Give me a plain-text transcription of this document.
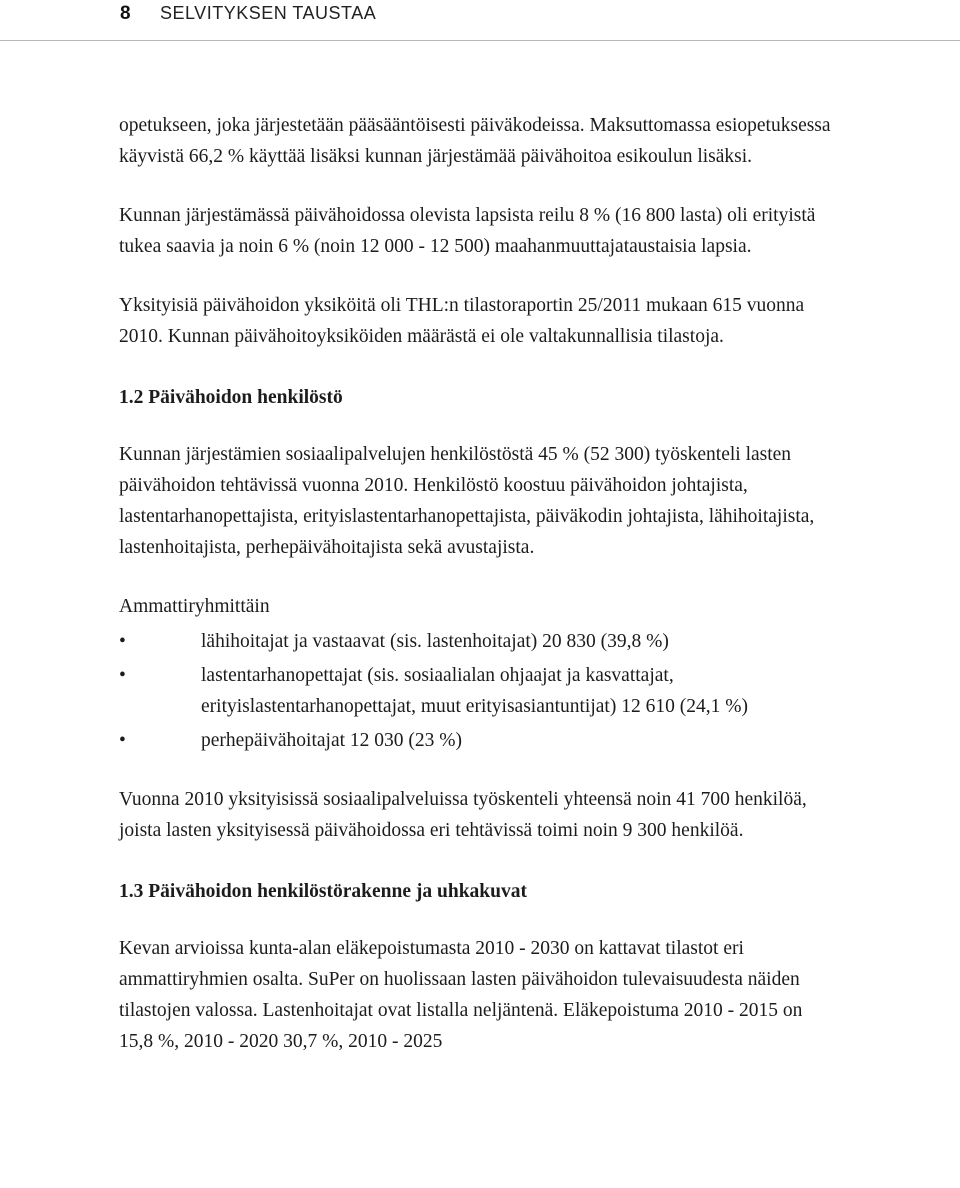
8 SELVITYKSEN TAUSTAA

opetukseen, joka järjestetään pääsääntöisesti päiväkodeissa. Maksuttomassa esiopetuksessa käyvistä 66,2 % käyttää lisäksi kunnan järjestämää päivähoitoa esikoulun lisäksi.

Kunnan järjestämässä päivähoidossa olevista lapsista reilu 8 % (16 800 lasta) oli erityistä tukea saavia ja noin 6 % (noin 12 000 - 12 500) maahanmuuttajataustaisia lapsia.

Yksityisiä päivähoidon yksiköitä oli THL:n tilastoraportin 25/2011 mukaan 615 vuonna 2010. Kunnan päivähoitoyksiköiden määrästä ei ole valtakunnallisia tilastoja.

1.2 Päivähoidon henkilöstö

Kunnan järjestämien sosiaalipalvelujen henkilöstöstä 45 % (52 300) työskenteli lasten päivähoidon tehtävissä vuonna 2010. Henkilöstö koostuu päivähoidon johtajista, lastentarhanopettajista, erityislastentarhanopettajista, päiväkodin johtajista, lähihoitajista, lastenhoitajista, perhepäivähoitajista sekä avustajista.

Ammattiryhmittäin

•	lähihoitajat ja vastaavat (sis. lastenhoitajat) 20 830 (39,8 %)
•	lastentarhanopettajat (sis. sosiaalialan ohjaajat ja kasvattajat, erityislastentarhanopettajat, muut erityisasiantuntijat) 12 610 (24,1 %)
•	perhepäivähoitajat 12 030 (23 %)

Vuonna 2010 yksityisissä sosiaalipalveluissa työskenteli yhteensä noin 41 700 henkilöä, joista lasten yksityisessä päivähoidossa eri tehtävissä toimi noin 9 300 henkilöä.

1.3 Päivähoidon henkilöstörakenne ja uhkakuvat

Kevan arvioissa kunta-alan eläkepoistumasta 2010 - 2030 on kattavat tilastot eri ammattiryhmien osalta. SuPer on huolissaan lasten päivähoidon tulevaisuudesta näiden tilastojen valossa. Lastenhoitajat ovat listalla neljäntenä. Eläkepoistuma 2010 - 2015 on 15,8 %, 2010 - 2020 30,7 %, 2010 - 2025
